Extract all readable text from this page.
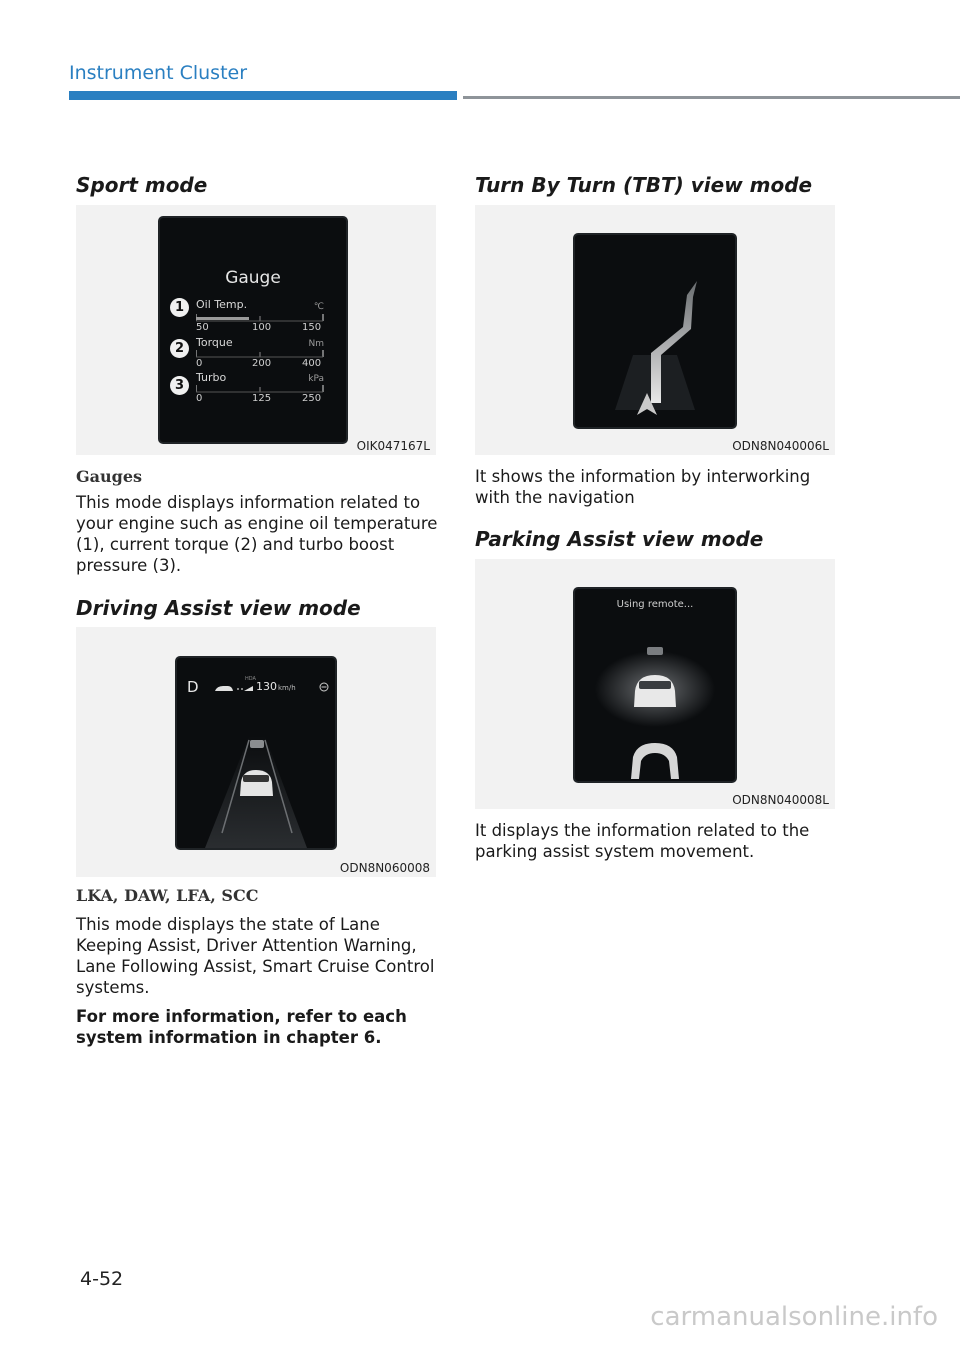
Instrument Cluster
Sport mode
Gauge
1	Oil Temp.	℃
50	100	150
2	Torque	Nm
0	200	400
3
Turbo	kPa
0	125	250
OIK047167L
Gauges
This mode displays information related to your engine such as engine oil temperature (1), current torque (2) and turbo boost pressure (3).
Driving Assist view mode
D	HDA
130 km/h
ODN8N060008
LKA, DAW, LFA, SCC
This mode displays the state of Lane Keeping Assist, Driver Attention Warning, Lane Following Assist, Smart Cruise Control systems.
For more information, refer to each system information in chapter 6.
Turn By Turn (TBT) view mode
ODN8N040006L
It shows the information by interworking with the navigation
Parking Assist view mode
Using remote...
ODN8N040008L
It displays the information related to the parking assist system movement.
4-52
carmanualsonline.info
